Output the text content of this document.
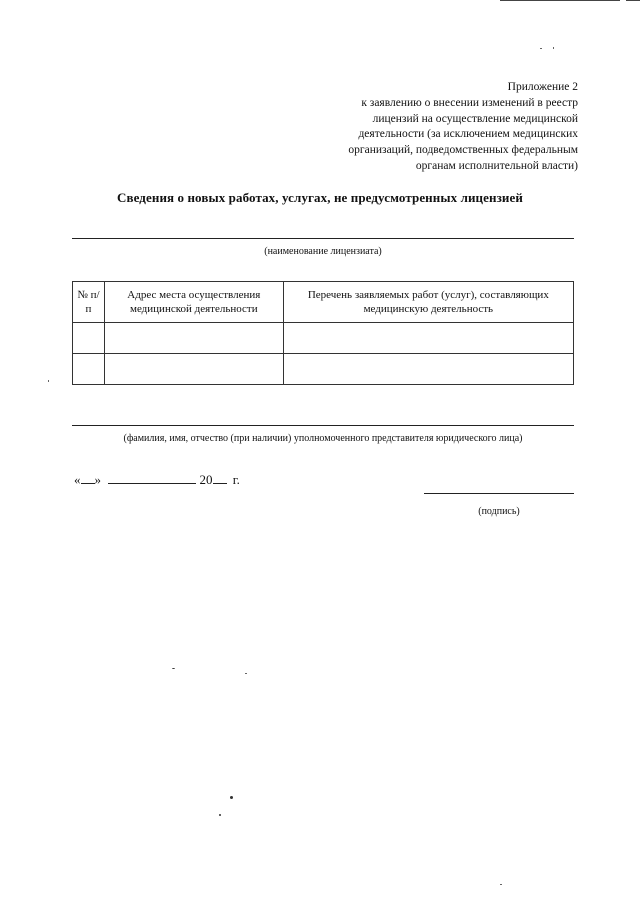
Приложение 2
к заявлению о внесении изменений в реестр
лицензий на осуществление медицинской
деятельности (за исключением медицинских
организаций, подведомственных федеральным
органам исполнительной власти)
Сведения о новых работах, услугах, не предусмотренных лицензией
(наименование лицензиата)
№ п/п	Адрес места осуществления медицинской деятельности	Перечень заявляемых работ (услуг), составляющих медицинскую деятельность

(фамилия, имя, отчество (при наличии) уполномоченного представителя юридического лица)
« »	20 г.
(подпись)
